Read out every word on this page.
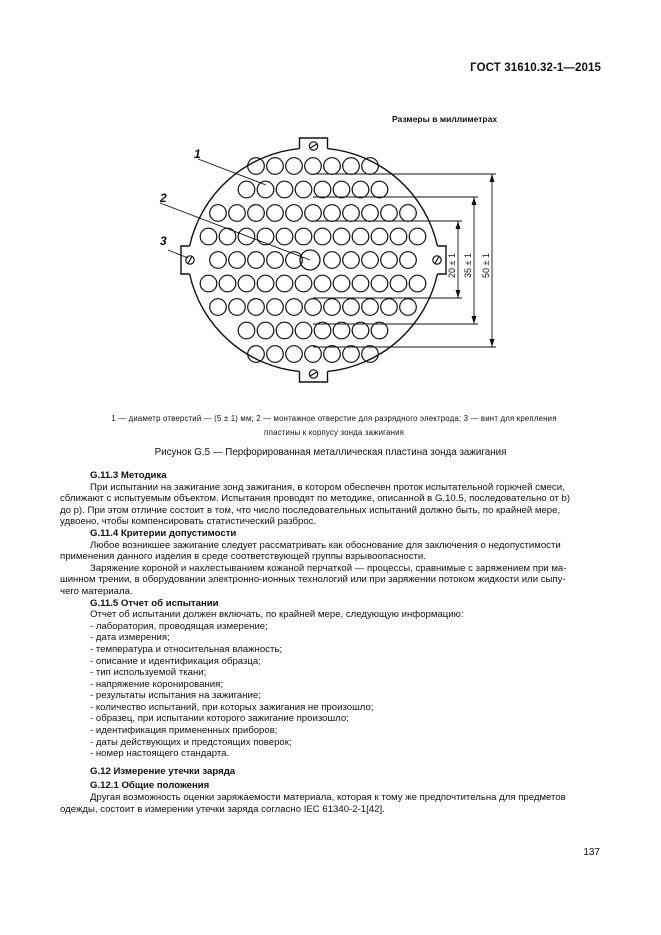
ГОСТ 31610.32-1—2015
Размеры в миллиметрах
1
2
3
20 ± 1 35 ± 1 50 ± 1
1 — диаметр отверстий — (5 ± 1) мм; 2 — монтажное отверстие для разрядного электрода; 3 — винт для крепления
пластины к корпусу зонда зажигания
Рисунок G.5 — Перфорированная металлическая пластина зонда зажигания

G.11.3 Методика

При испытании на зажигание зонд зажигания, в котором обеспечен проток испытательной горючей смеси,

сближают с испытуемым объектом. Испытания проводят по методике, описанной в G.10.5, последовательно от b)

до р). При этом отличие состоит в том, что число последовательных испытаний должно быть, по крайней мере,

удвоено, чтобы компенсировать статистический разброс.

G.11.4 Критерии допустимости

Любое возникшее зажигание следует рассматривать как обоснование для заключения о недопустимости

применения данного изделия в среде соответствующей группы взрывоопасности.

Заряжение короной и нахлестыванием кожаной перчаткой — процессы, сравнимые с заряжением при ма-

шинном трении, в оборудовании электронно-ионных технологий или при заряжении потоком жидкости или сыпу-

чего материала.

G.11.5 Отчет об испытании

Отчет об испытании должен включать, по крайней мере, следующую информацию:

- лаборатория, проводящая измерение;
- дата измерения;
- температура и относительная влажность;
- описание и идентификация образца;
- тип используемой ткани;
- напряжение коронирования;
- результаты испытания на зажигание;
- количество испытаний, при которых зажигания не произошло;
- образец, при испытании которого зажигание произошло;
- идентификация примененных приборов;
- даты действующих и предстоящих поверок;
- номер настоящего стандарта.

G.12 Измерение утечки заряда

G.12.1 Общие положения

Другая возможность оценки заряжаемости материала, которая к тому же предпочтительна для предметов

одежды, состоит в измерении утечки заряда согласно IEC 61340-2-1[42].

137
